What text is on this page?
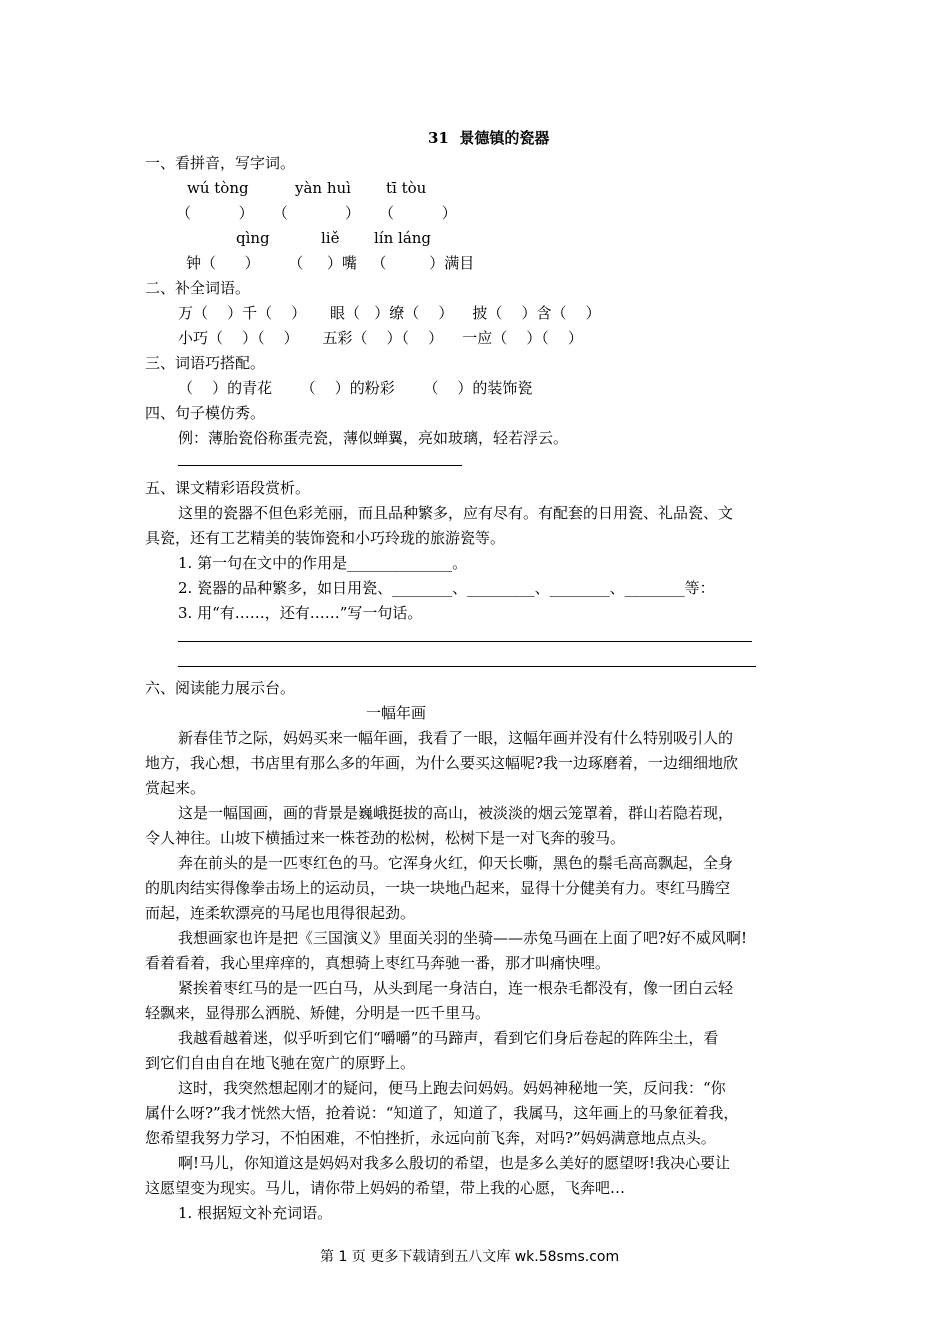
31  景德镇的瓷器
一、看拼音，写字词。
wú tòng	yàn huì tī tòu
（          ）    （            ）    （          ）
qìng	liě lín láng
钟（      ）      （     ）嘴   （         ）满目
二、补全词语。
万（    ）千（    ）     眼（   ）缭（    ）    披（    ）含（    ）
小巧（    ）（    ）     五彩（    ）（    ）    一应（    ）（    ）
三、词语巧搭配。
（    ）的青花      （    ）的粉彩      （    ）的装饰瓷
四、句子模仿秀。
例：薄胎瓷俗称蛋壳瓷，薄似蝉翼，亮如玻璃，轻若浮云。
五、课文精彩语段赏析。
这里的瓷器不但色彩羌丽，而且品种繁多，应有尽有。有配套的日用瓷、礼品瓷、文
具瓷，还有工艺精美的装饰瓷和小巧玲珑的旅游瓷等。
1. 第一句在文中的作用是______________。
2. 瓷器的品种繁多，如日用瓷、________、_________、________、________等：
3. 用“有……，还有……”写一句话。
六、阅读能力展示台。
一幅年画
新春佳节之际，妈妈买来一幅年画，我看了一眼，这幅年画并没有什么特别吸引人的
地方，我心想，书店里有那么多的年画，为什么要买这幅呢?我一边琢磨着，一边细细地欣
赏起来。
这是一幅国画，画的背景是巍峨挺拔的高山，被淡淡的烟云笼罩着，群山若隐若现，
令人神往。山坡下横插过来一株苍劲的松树，松树下是一对飞奔的骏马。
奔在前头的是一匹枣红色的马。它浑身火红，仰天长嘶，黑色的鬃毛高高飘起，全身
的肌肉结实得像拳击场上的运动员，一块一块地凸起来，显得十分健美有力。枣红马腾空
而起，连柔软漂亮的马尾也甩得很起劲。
我想画家也许是把《三国演义》里面关羽的坐骑——赤兔马画在上面了吧?好不威风啊!
看着看着，我心里痒痒的，真想骑上枣红马奔驰一番，那才叫痛快哩。
紧挨着枣红马的是一匹白马，从头到尾一身洁白，连一根杂毛都没有，像一团白云轻
轻飘来，显得那么洒脱、矫健，分明是一匹千里马。
我越看越着迷，似乎听到它们“嚼嚼”的马蹄声，看到它们身后卷起的阵阵尘土，看
到它们自由自在地飞驰在宽广的原野上。
这时，我突然想起刚才的疑问，便马上跑去问妈妈。妈妈神秘地一笑，反问我：“你
属什么呀?”我才恍然大悟，抢着说：“知道了，知道了，我属马，这年画上的马象征着我，
您希望我努力学习，不怕困难，不怕挫折，永远向前飞奔，对吗?”妈妈满意地点点头。
啊!马儿，你知道这是妈妈对我多么殷切的希望，也是多么美好的愿望呀!我决心要让
这愿望变为现实。马儿，请你带上妈妈的希望，带上我的心愿，飞奔吧…
1. 根据短文补充词语。
第 1 页 更多下载请到五八文库 wk.58sms.com
